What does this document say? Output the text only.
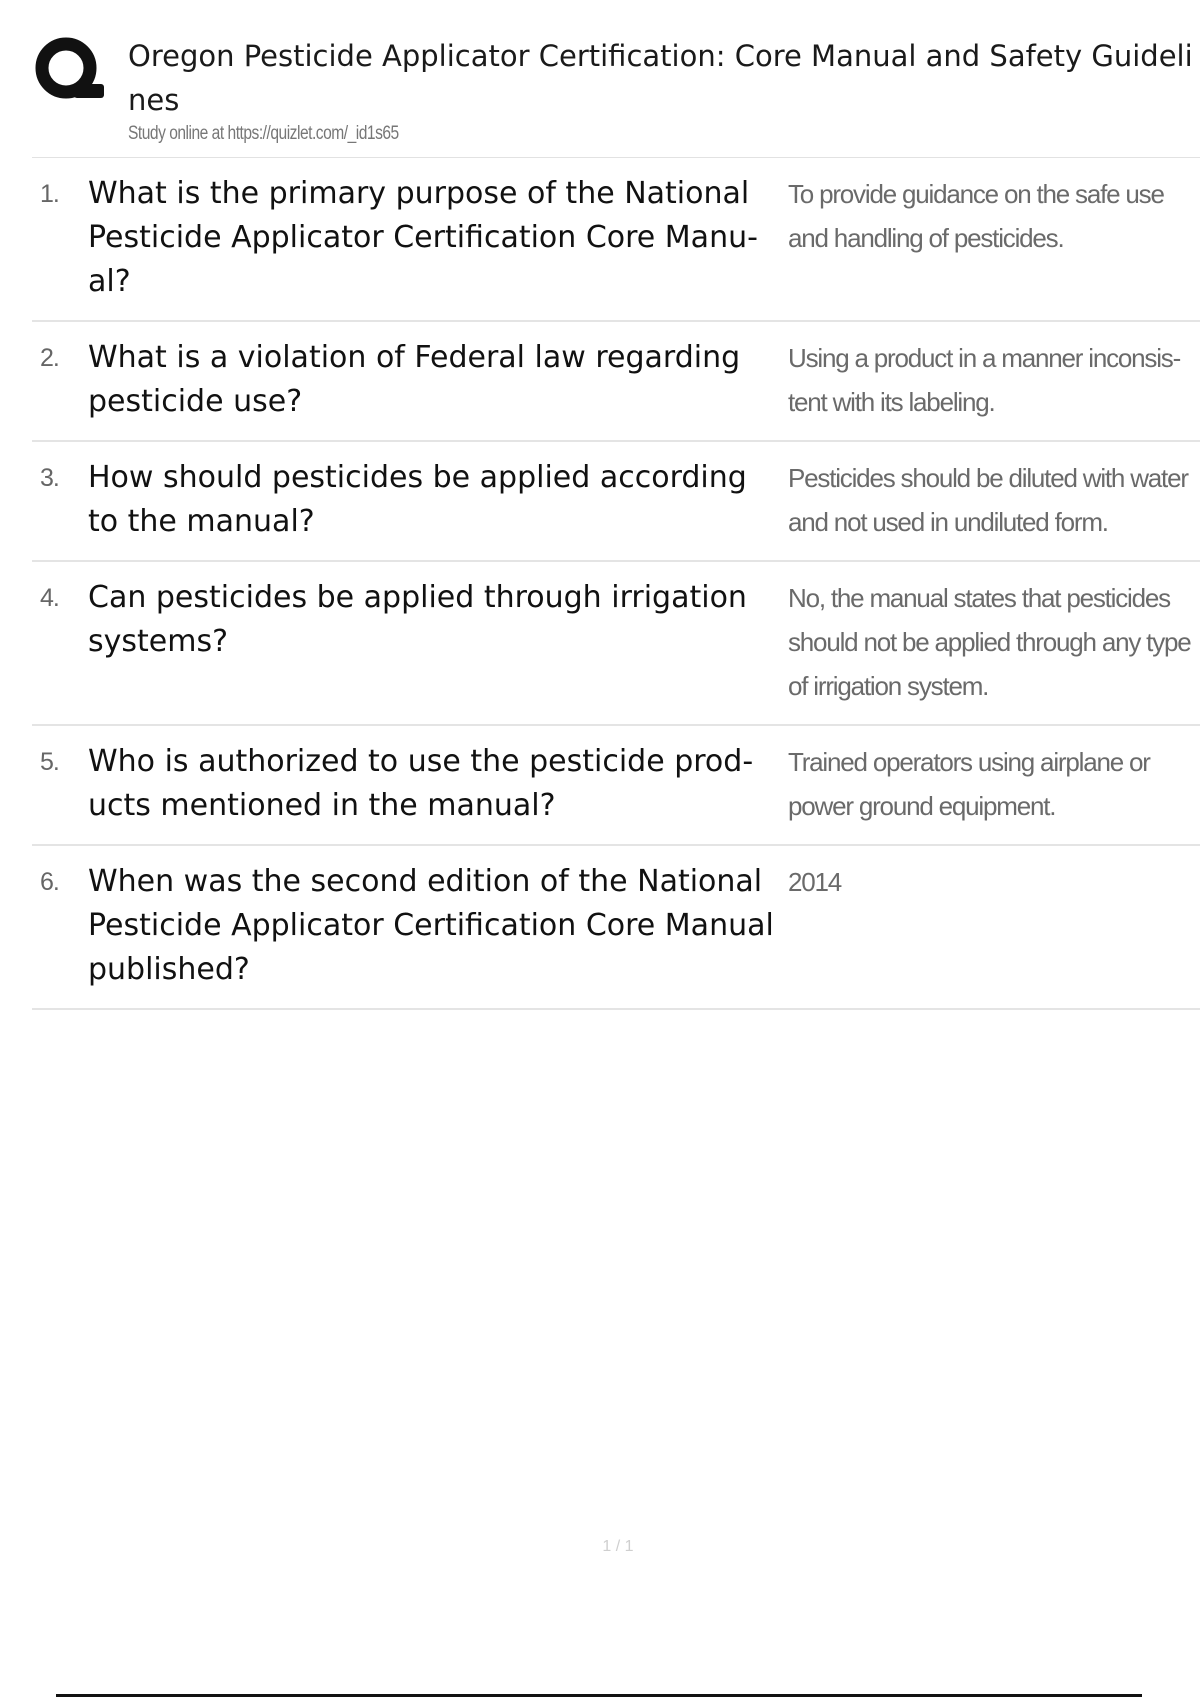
Oregon Pesticide Applicator Certification: Core Manual and Safety Guidelines
Study online at https://quizlet.com/_id1s65
1. What is the primary purpose of the National Pesticide Applicator Certification Core Manu-al?
To provide guidance on the safe use and handling of pesticides.
2. What is a violation of Federal law regarding pesticide use?
Using a product in a manner inconsis-tent with its labeling.
3. How should pesticides be applied according to the manual?
Pesticides should be diluted with water and not used in undiluted form.
4. Can pesticides be applied through irrigation systems?
No, the manual states that pesticides should not be applied through any type of irrigation system.
5. Who is authorized to use the pesticide prod-ucts mentioned in the manual?
Trained operators using airplane or power ground equipment.
6. When was the second edition of the National Pesticide Applicator Certification Core Manual published?
2014
1 / 1
